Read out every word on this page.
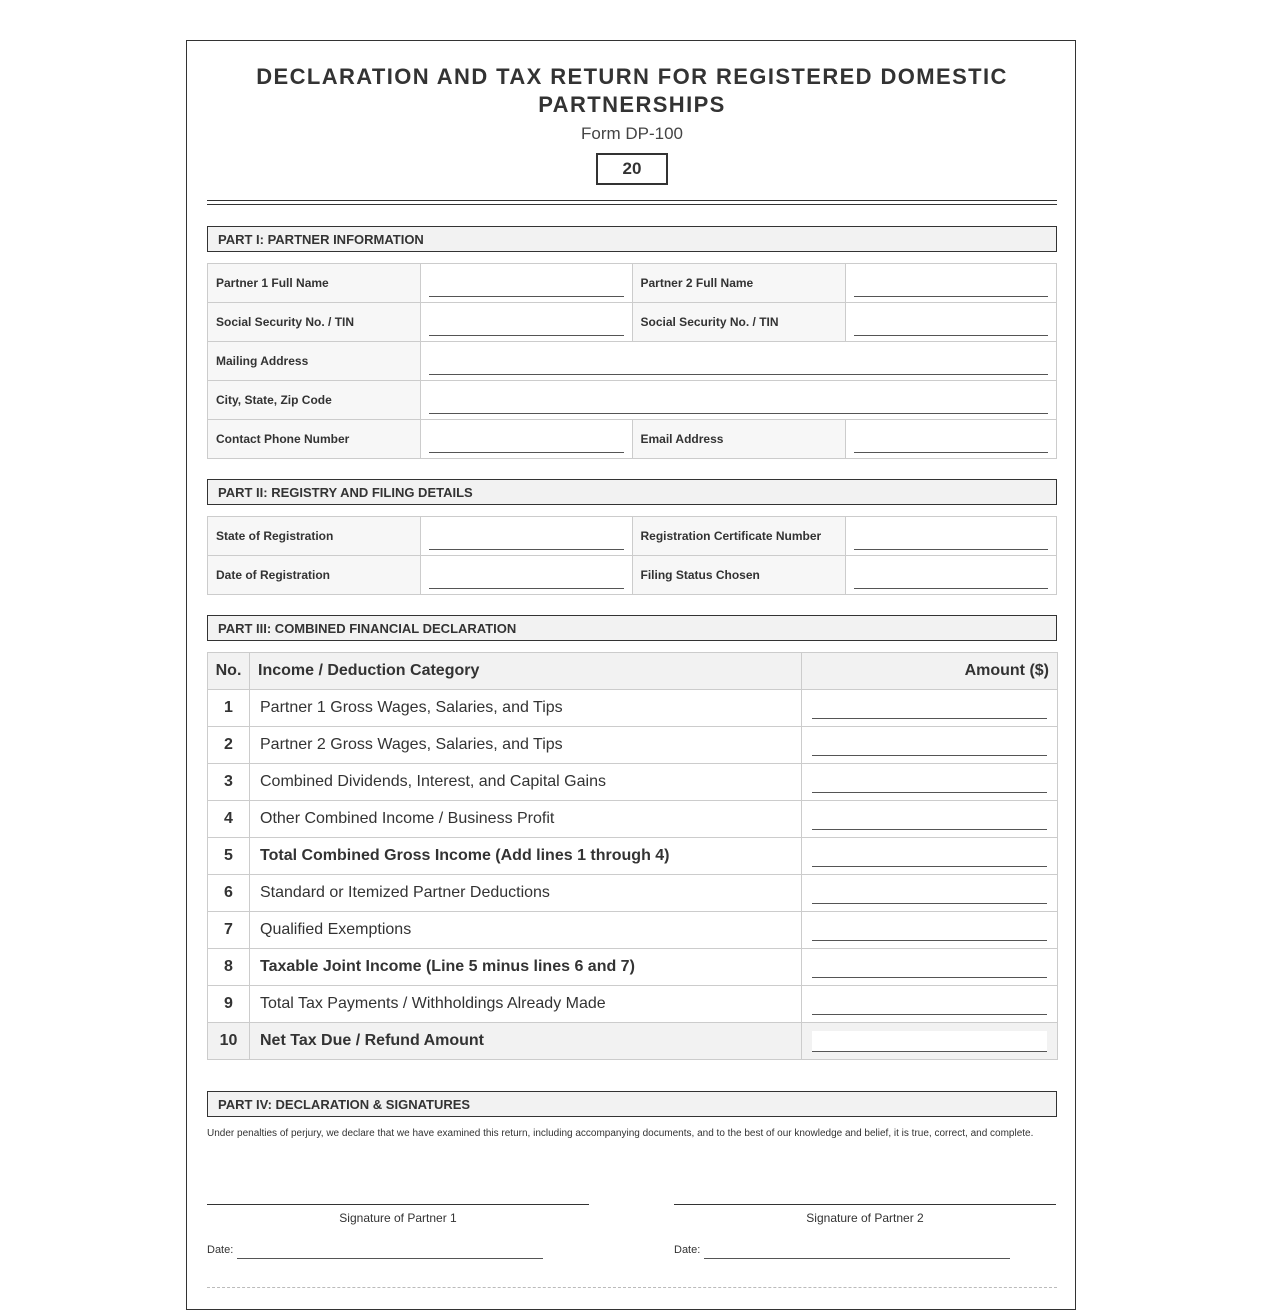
DECLARATION AND TAX RETURN FOR REGISTERED DOMESTIC PARTNERSHIPS
Form DP-100
20
PART I: PARTNER INFORMATION
Partner 1 Full Name		Partner 2 Full Name	

Social Security No. / TIN		Social Security No. / TIN	

Mailing Address			

City, State, Zip Code			

Contact Phone Number		Email Address	
PART II: REGISTRY AND FILING DETAILS
State of Registration		Registration Certificate Number	

Date of Registration		Filing Status Chosen	
PART III: COMBINED FINANCIAL DECLARATION
No.	Income / Deduction Category	Amount ($)
1	Partner 1 Gross Wages, Salaries, and Tips	

2	Partner 2 Gross Wages, Salaries, and Tips	

3	Combined Dividends, Interest, and Capital Gains	

4	Other Combined Income / Business Profit	

5	Total Combined Gross Income (Add lines 1 through 4)	

6	Standard or Itemized Partner Deductions	

7	Qualified Exemptions	

8	Taxable Joint Income (Line 5 minus lines 6 and 7)	

9	Total Tax Payments / Withholdings Already Made	

10	Net Tax Due / Refund Amount	
PART IV: DECLARATION & SIGNATURES
Under penalties of perjury, we declare that we have examined this return, including accompanying documents, and to the best of our knowledge and belief, it is true, correct, and complete.
Signature of Partner 1	Signature of Partner 2
Date:	Date:
